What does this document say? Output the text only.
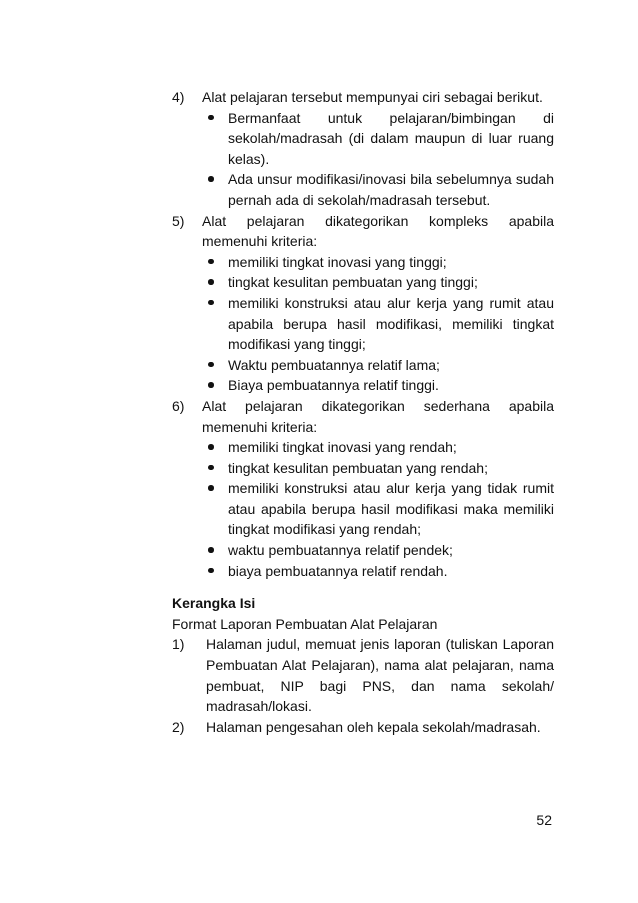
4) Alat pelajaran tersebut mempunyai ciri sebagai berikut.
Bermanfaat untuk pelajaran/bimbingan di sekolah/madrasah (di dalam maupun di luar ruang kelas).
Ada unsur modifikasi/inovasi bila sebelumnya sudah pernah ada di sekolah/madrasah tersebut.
5) Alat pelajaran dikategorikan kompleks apabila memenuhi kriteria:
memiliki tingkat inovasi yang tinggi;
tingkat kesulitan pembuatan yang tinggi;
memiliki konstruksi atau alur kerja yang rumit atau apabila berupa hasil modifikasi, memiliki tingkat modifikasi yang tinggi;
Waktu pembuatannya relatif lama;
Biaya pembuatannya relatif tinggi.
6) Alat pelajaran dikategorikan sederhana apabila memenuhi kriteria:
memiliki tingkat inovasi yang rendah;
tingkat kesulitan pembuatan yang rendah;
memiliki konstruksi atau alur kerja yang tidak rumit atau apabila berupa hasil modifikasi maka memiliki tingkat modifikasi yang rendah;
waktu pembuatannya relatif pendek;
biaya pembuatannya relatif rendah.
Kerangka Isi
Format Laporan Pembuatan Alat Pelajaran
1) Halaman judul, memuat jenis laporan (tuliskan Laporan Pembuatan Alat Pelajaran), nama alat pelajaran, nama pembuat, NIP bagi PNS, dan nama sekolah/ madrasah/lokasi.
2) Halaman pengesahan oleh kepala sekolah/madrasah.
52
